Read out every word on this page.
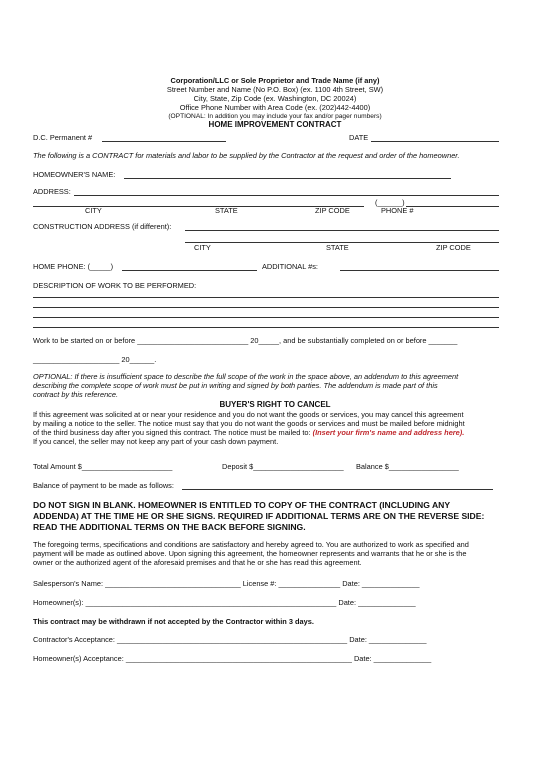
Corporation/LLC or Sole Proprietor and Trade Name (if any)
Street Number and Name (No P.O. Box) (ex. 1100 4th Street, SW)
City, State, Zip Code (ex. Washington, DC 20024)
Office Phone Number with Area Code (ex. (202)442-4400)
(OPTIONAL: In addition you may include your fax and/or pager numbers)
HOME IMPROVEMENT CONTRACT
D.C. Permanent #	DATE
The following is a CONTRACT for materials and labor to be supplied by the Contractor at the request and order of the homeowner.
HOMEOWNER'S NAME:
ADDRESS:
(______)
CITY	STATE	ZIP CODE	PHONE #
CONSTRUCTION ADDRESS (if different):
CITY	STATE	ZIP CODE
HOME PHONE: (_____)	ADDITIONAL #s:
DESCRIPTION OF WORK TO BE PERFORMED:
Work to be started on or before ___________________________ 20_____, and be substantially completed on or before _______
_____________________ 20______.
OPTIONAL: If there is insufficient space to describe the full scope of the work in the space above, an addendum to this agreement
describing the complete scope of work must be put in writing and signed by both parties. The addendum is made part of this
contract by this reference.
BUYER'S RIGHT TO CANCEL
If this agreement was solicited at or near your residence and you do not want the goods or services, you may cancel this agreement
by mailing a notice to the seller. The notice must say that you do not want the goods or services and must be mailed before midnight
of the third business day after you signed this contract. The notice must be mailed to: (Insert your firm's name and address here).
If you cancel, the seller may not keep any part of your cash down payment.
Total Amount $______________________	Deposit $______________________ Balance $_________________
Balance of payment to be made as follows:
DO NOT SIGN IN BLANK. HOMEOWNER IS ENTITLED TO COPY OF THE CONTRACT (INCLUDING ANY
ADDENDA) AT THE TIME HE OR SHE SIGNS. REQUIRED IF ADDITIONAL TERMS ARE ON THE REVERSE SIDE:
READ THE ADDITIONAL TERMS ON THE BACK BEFORE SIGNING.
The foregoing terms, specifications and conditions are satisfactory and hereby agreed to. You are authorized to work as specified and
payment will be made as outlined above. Upon signing this agreement, the homeowner represents and warrants that he or she is the
owner or the authorized agent of the aforesaid premises and that he or she has read this agreement.
Salesperson's Name: _________________________________ License #: _______________ Date: ______________
Homeowner(s): _____________________________________________________________ Date: ______________
This contract may be withdrawn if not accepted by the Contractor within 3 days.
Contractor's Acceptance: ________________________________________________________ Date: ______________
Homeowner(s) Acceptance: _______________________________________________________ Date: ______________
